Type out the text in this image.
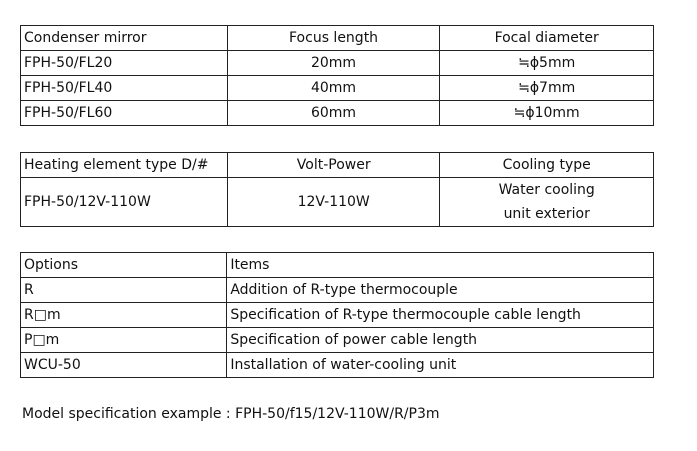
Condenser mirror	Focus length	Focal diameter
FPH-50/FL20	20mm	≒ϕ5mm
FPH-50/FL40	40mm	≒ϕ7mm
FPH-50/FL60	60mm	≒ϕ10mm
Heating element type D/#	Volt-Power	Cooling type
FPH-50/12V-110W	12V-110W	Water cooling
unit exterior
Options	Items
R	Addition of R-type thermocouple
R□m	Specification of R-type thermocouple cable length
P□m	Specification of power cable length
WCU-50	Installation of water-cooling unit
Model specification example : FPH-50/f15/12V-110W/R/P3m
